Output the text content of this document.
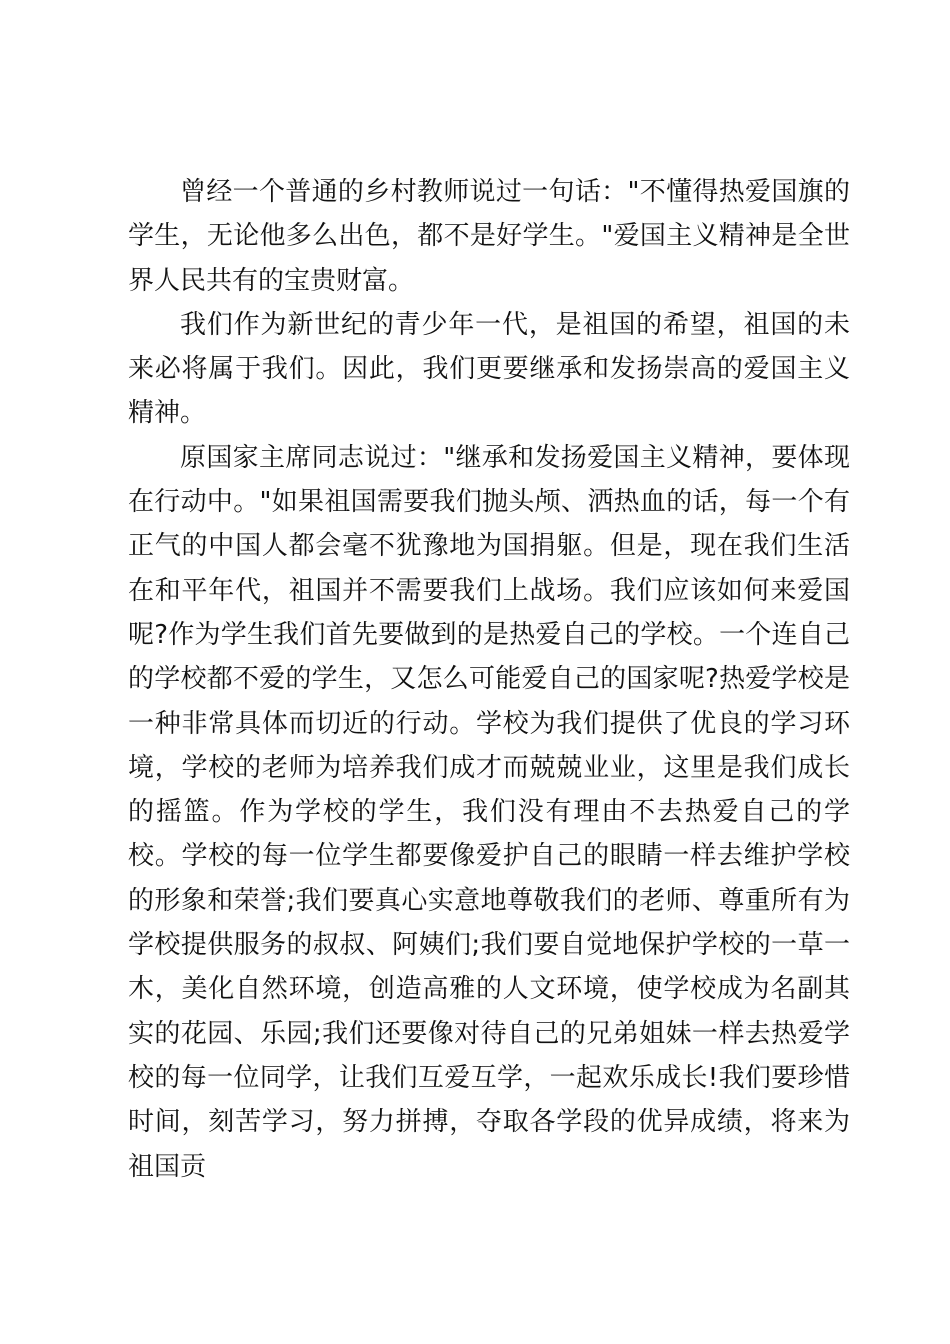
曾经一个普通的乡村教师说过一句话："不懂得热爱国旗的学生，无论他多么出色，都不是好学生。"爱国主义精神是全世界人民共有的宝贵财富。

我们作为新世纪的青少年一代，是祖国的希望，祖国的未来必将属于我们。因此，我们更要继承和发扬崇高的爱国主义精神。

原国家主席同志说过："继承和发扬爱国主义精神，要体现在行动中。"如果祖国需要我们抛头颅、洒热血的话，每一个有正气的中国人都会毫不犹豫地为国捐躯。但是，现在我们生活在和平年代，祖国并不需要我们上战场。我们应该如何来爱国呢?作为学生我们首先要做到的是热爱自己的学校。一个连自己的学校都不爱的学生，又怎么可能爱自己的国家呢?热爱学校是一种非常具体而切近的行动。学校为我们提供了优良的学习环境，学校的老师为培养我们成才而兢兢业业，这里是我们成长的摇篮。作为学校的学生，我们没有理由不去热爱自己的学校。学校的每一位学生都要像爱护自己的眼睛一样去维护学校的形象和荣誉;我们要真心实意地尊敬我们的老师、尊重所有为学校提供服务的叔叔、阿姨们;我们要自觉地保护学校的一草一木，美化自然环境，创造高雅的人文环境，使学校成为名副其实的花园、乐园;我们还要像对待自己的兄弟姐妹一样去热爱学校的每一位同学，让我们互爱互学，一起欢乐成长!我们要珍惜时间，刻苦学习，努力拼搏，夺取各学段的优异成绩，将来为祖国贡
